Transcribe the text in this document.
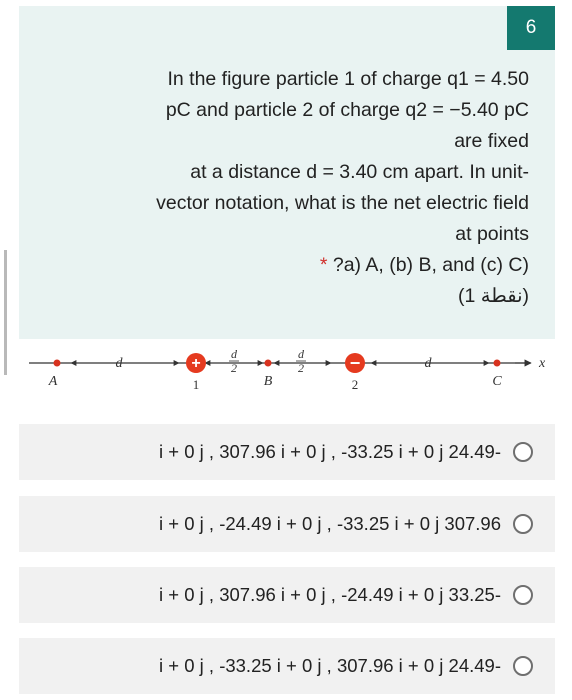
6
In the figure particle 1 of charge q1 = 4.50
pC and particle 2 of charge q2 = −5.40 pC
are fixed
at a distance d = 3.40 cm apart. In unit-
vector notation, what is the net electric field
at points
* ?a) A, (b) B, and (c) C)
(1 نقطة)
+	−
d	d
d
2
d
2	x
A	1	B	2	C
i + 0 j , 307.96 i + 0 j , -33.25 i + 0 j 24.49-
i + 0 j , -24.49 i + 0 j , -33.25 i + 0 j 307.96
i + 0 j , 307.96 i + 0 j , -24.49 i + 0 j 33.25-
i + 0 j , -33.25 i + 0 j , 307.96 i + 0 j 24.49-
